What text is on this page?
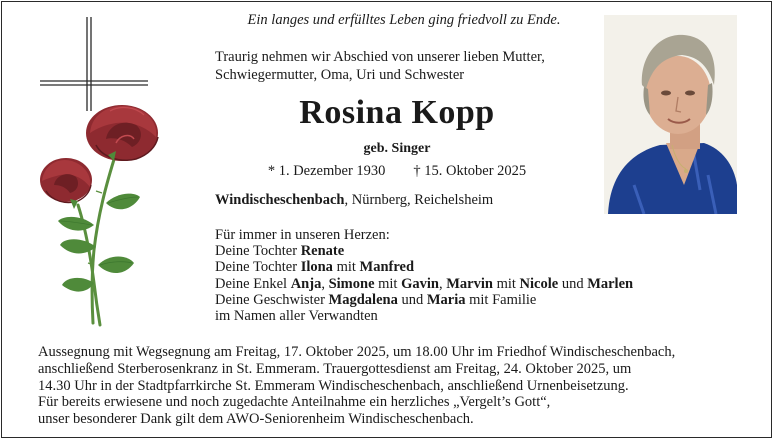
Ein langes und erfülltes Leben ging friedvoll zu Ende.
Traurig nehmen wir Abschied von unserer lieben Mutter,
Schwiegermutter, Oma, Uri und Schwester
Rosina Kopp
geb. Singer
* 1. Dezember 1930 † 15. Oktober 2025
Windischeschenbach, Nürnberg, Reichelsheim
Für immer in unseren Herzen:
Deine Tochter Renate
Deine Tochter Ilona mit Manfred
Deine Enkel Anja, Simone mit Gavin, Marvin mit Nicole und Marlen
Deine Geschwister Magdalena und Maria mit Familie
im Namen aller Verwandten
Aussegnung mit Wegsegnung am Freitag, 17. Oktober 2025, um 18.00 Uhr im Friedhof Windischeschenbach,
anschließend Sterberosenkranz in St. Emmeram. Trauergottesdienst am Freitag, 24. Oktober 2025, um
14.30 Uhr in der Stadtpfarrkirche St. Emmeram Windischeschenbach, anschließend Urnenbeisetzung.
Für bereits erwiesene und noch zugedachte Anteilnahme ein herzliches „Vergelt’s Gott“,
unser besonderer Dank gilt dem AWO-Seniorenheim Windischeschenbach.
